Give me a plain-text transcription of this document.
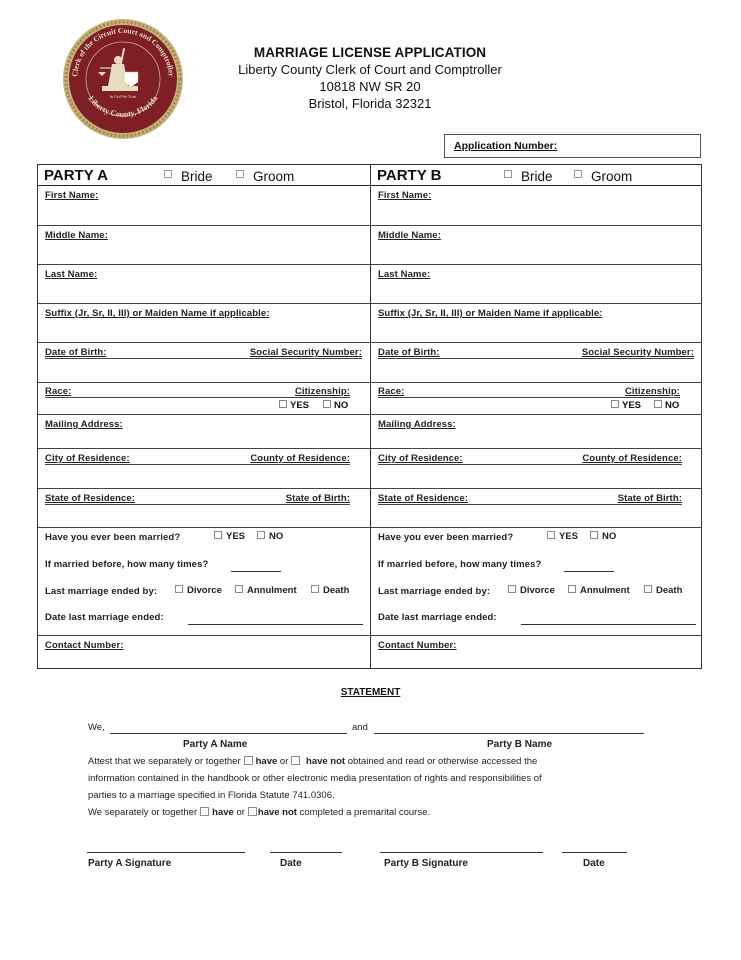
Clerk of the Circuit Court and Comptroller
Liberty County, Florida
In God We Trust
MARRIAGE LICENSE APPLICATION
Liberty County Clerk of Court and Comptroller
10818 NW SR 20
Bristol, Florida 32321
Application Number:
PARTY A	Bride	Groom
First Name:
Middle Name:
Last Name:
Suffix (Jr, Sr, II, III) or Maiden Name if applicable:
Date of Birth:	Social Security Number:
Race:	Citizenship:
YES	NO
Mailing Address:
City of Residence:	County of Residence:
State of Residence:	State of Birth:
Have you ever been married?	YES	NO
If married before, how many times?
Last marriage ended by:	Divorce	Annulment	Death
Date last marriage ended:
Contact Number:
PARTY B	Bride	Groom
First Name:
Middle Name:
Last Name:
Suffix (Jr, Sr, II, III) or Maiden Name if applicable:
Date of Birth:	Social Security Number:
Race:	Citizenship:
YES	NO
Mailing Address:
City of Residence:	County of Residence:
State of Residence:	State of Birth:
Have you ever been married?	YES	NO
If married before, how many times?
Last marriage ended by:	Divorce	Annulment	Death
Date last marriage ended:
Contact Number:
STATEMENT
We,	and
Party A Name	Party B Name
Attest that we separately or together have or have not obtained and read or otherwise accessed the
information contained in the handbook or other electronic media presentation of rights and responsibilities of
parties to a marriage specified in Florida Statute 741.0306.
We separately or together have or have not completed a premarital course.
Party A Signature	Date	Party B Signature	Date
